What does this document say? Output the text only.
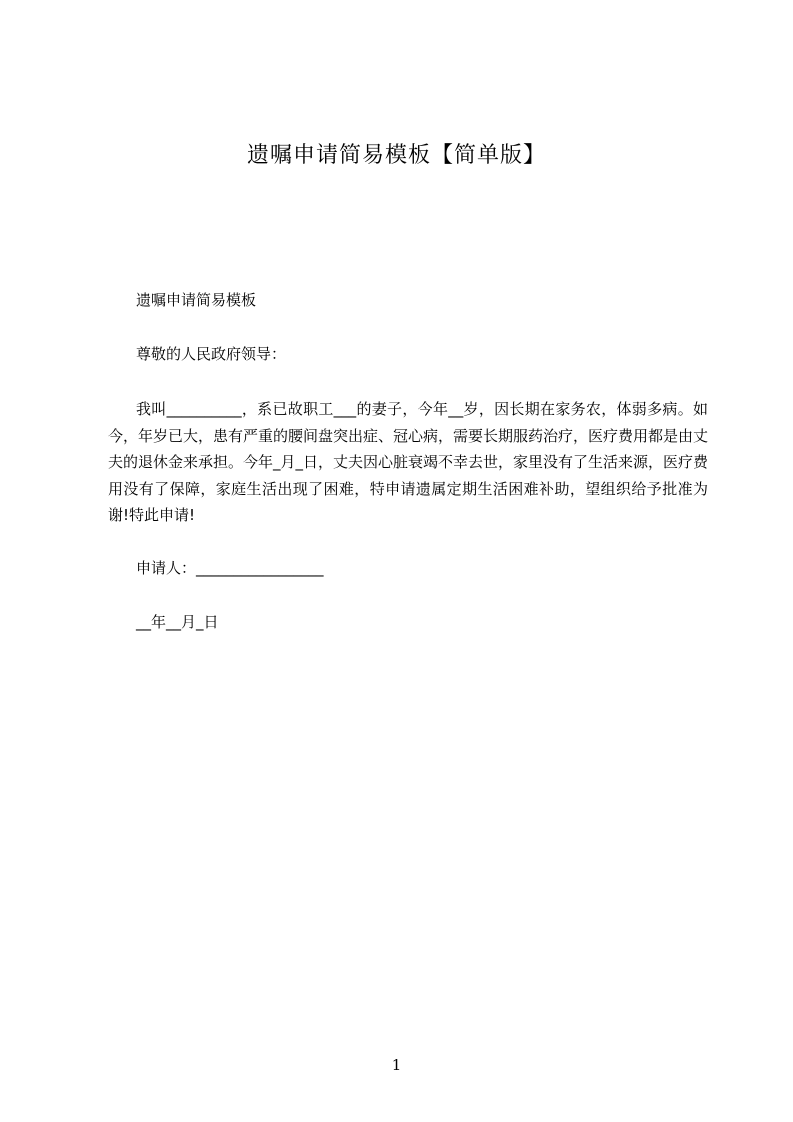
遗嘱申请简易模板【简单版】

遗嘱申请简易模板

尊敬的人民政府领导：

我叫__________，系已故职工___的妻子，今年__岁，因长期在家务农，体弱多病。如今，年岁已大，患有严重的腰间盘突出症、冠心病，需要长期服药治疗，医疗费用都是由丈夫的退休金来承担。今年_月_日，丈夫因心脏衰竭不幸去世，家里没有了生活来源，医疗费用没有了保障，家庭生活出现了困难，特申请遗属定期生活困难补助，望组织给予批准为谢!特此申请!

申请人：_________________

__年__月_日

1
